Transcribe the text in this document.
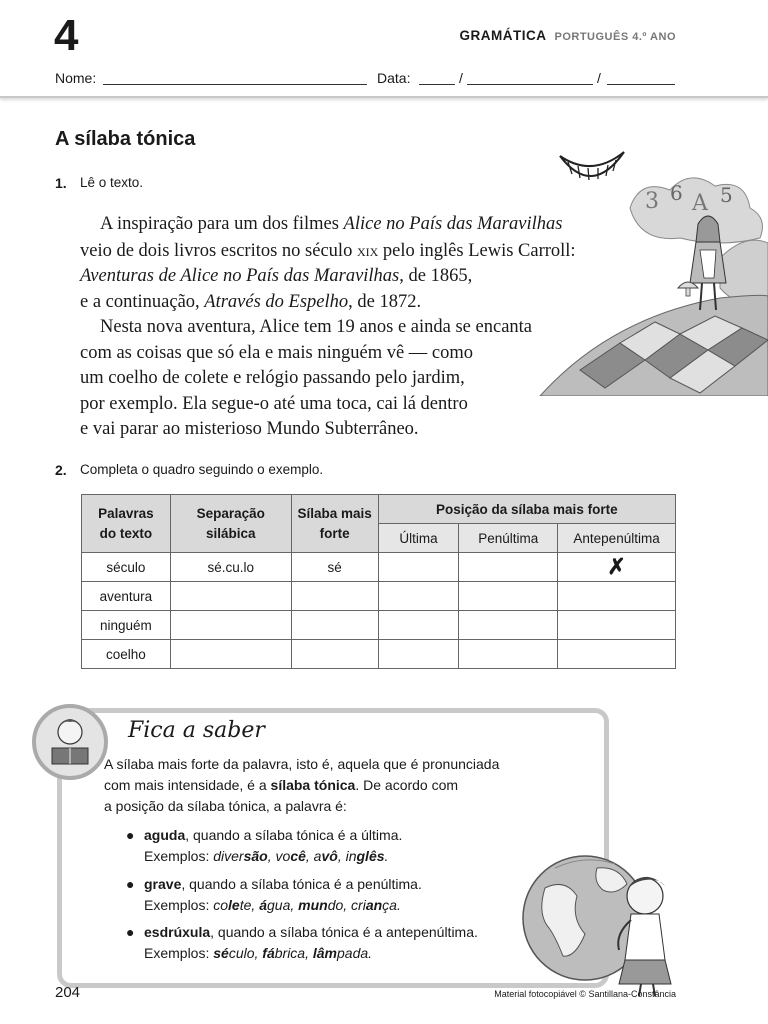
4	GRAMÁTICA PORTUGUÊS 4.º ANO
Nome:	Data:	/	/
A sílaba tónica
1. Lê o texto.
3 6 A 5

A inspiração para um dos filmes Alice no País das Maravilhas

veio de dois livros escritos no século xix pelo inglês Lewis Carroll:

Aventuras de Alice no País das Maravilhas, de 1865,

e a continuação, Através do Espelho, de 1872.

Nesta nova aventura, Alice tem 19 anos e ainda se encanta

com as coisas que só ela e mais ninguém vê — como

um coelho de colete e relógio passando pelo jardim,

por exemplo. Ela segue-o até uma toca, cai lá dentro

e vai parar ao misterioso Mundo Subterrâneo.

2. Completa o quadro seguindo o exemplo.
Palavras do texto	Separação silábica	Sílaba mais forte	Posição da sílaba mais forte		
			Última	Penúltima	Antepenúltima
século	sé.cu.lo	sé			✗
aventura					
ninguém					
coelho					
Fica a saber
A sílaba mais forte da palavra, isto é, aquela que é pronunciada
com mais intensidade, é a sílaba tónica. De acordo com
a posição da sílaba tónica, a palavra é:
● aguda, quando a sílaba tónica é a última.
Exemplos: diversão, você, avô, inglês.
● grave, quando a sílaba tónica é a penúltima.
Exemplos: colete, água, mundo, criança.
● esdrúxula, quando a sílaba tónica é a antepenúltima.
Exemplos: século, fábrica, lâmpada.
204	Material fotocopiável © Santillana-Constância
